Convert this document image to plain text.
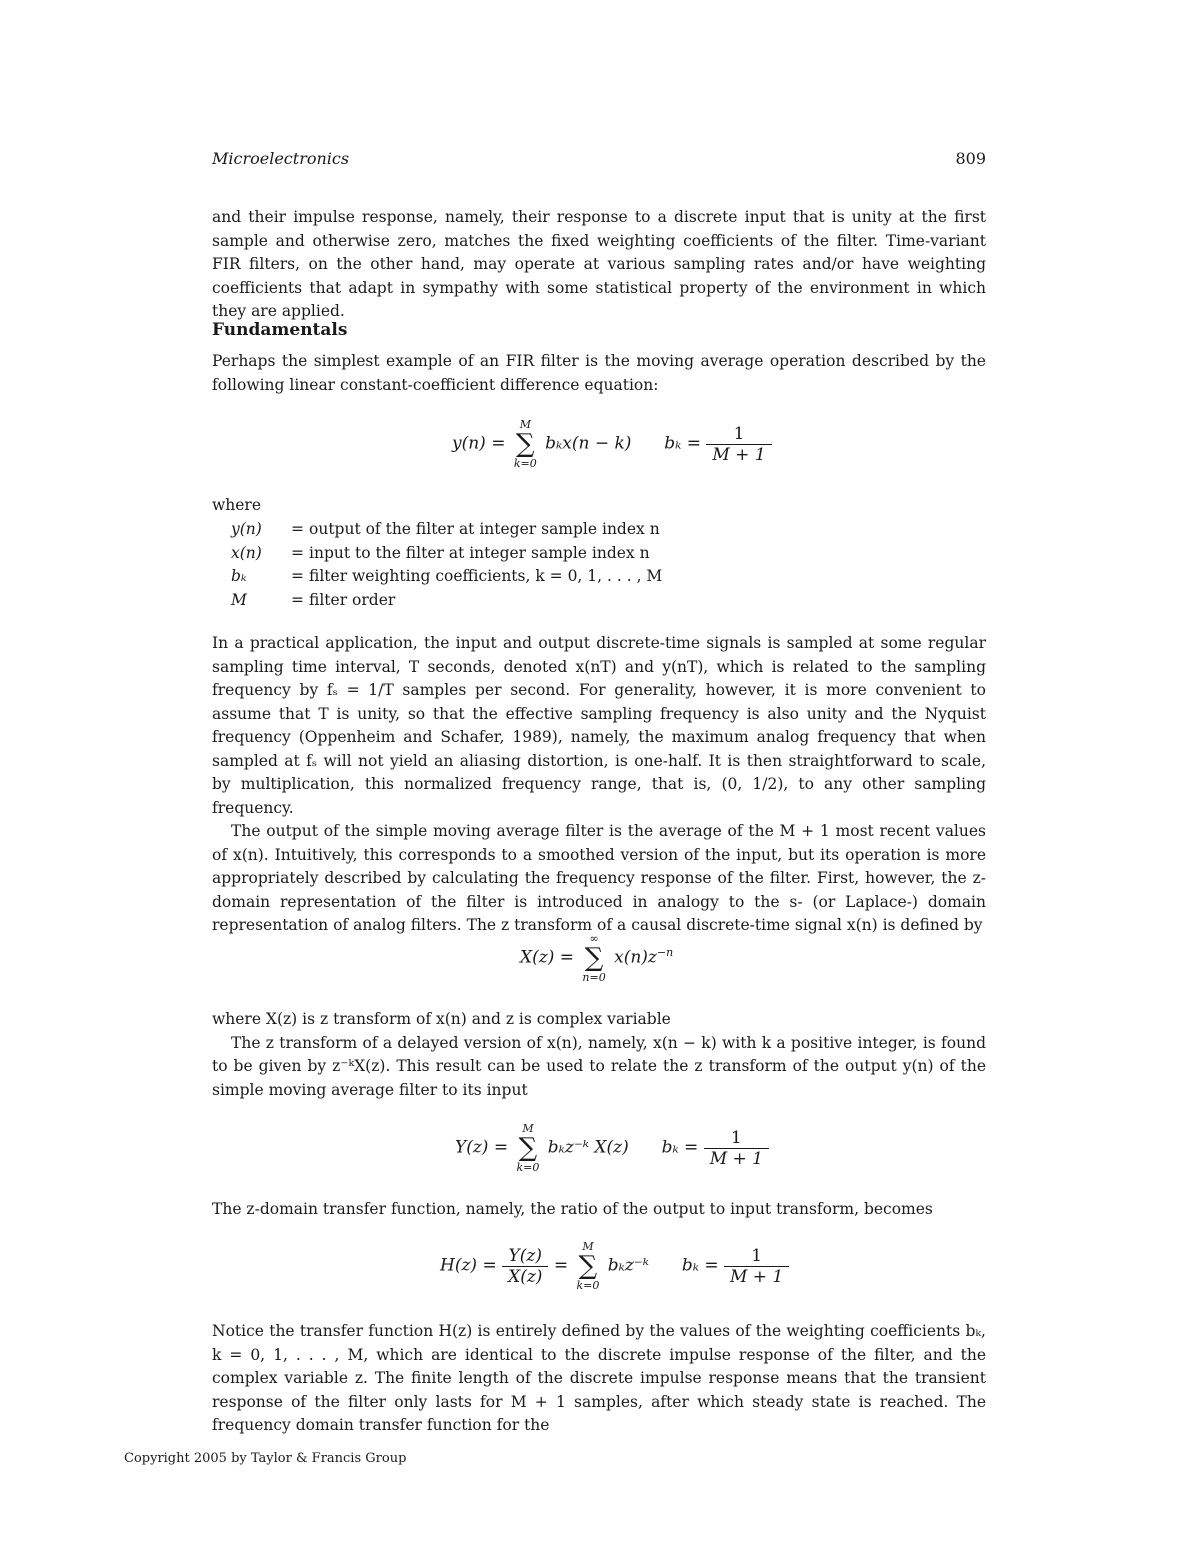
Microelectronics	809

and their impulse response, namely, their response to a discrete input that is unity at the first sample and otherwise zero, matches the fixed weighting coefficients of the filter. Time-variant FIR filters, on the other hand, may operate at various sampling rates and/or have weighting coefficients that adapt in sympathy with some statistical property of the environment in which they are applied.

Fundamentals

Perhaps the simplest example of an FIR filter is the moving average operation described by the following linear constant-coefficient difference equation:

y(n) =
M
∑
k=0
bₖx(n − k) $b_k = \frac{1}{M + 1}$

where

y(n)	= output of the filter at integer sample index n
x(n)	= input to the filter at integer sample index n
bₖ	= filter weighting coefficients, k = 0, 1, . . . , M
M	= filter order

In a practical application, the input and output discrete-time signals is sampled at some regular sampling time interval, T seconds, denoted x(nT) and y(nT), which is related to the sampling frequency by fₛ = 1/T samples per second. For generality, however, it is more convenient to assume that T is unity, so that the effective sampling frequency is also unity and the Nyquist frequency (Oppenheim and Schafer, 1989), namely, the maximum analog frequency that when sampled at fₛ will not yield an aliasing distortion, is one-half. It is then straightforward to scale, by multiplication, this normalized frequency range, that is, (0, 1/2), to any other sampling frequency.

The output of the simple moving average filter is the average of the M + 1 most recent values of x(n). Intuitively, this corresponds to a smoothed version of the input, but its operation is more appropriately described by calculating the frequency response of the filter. First, however, the z-domain representation of the filter is introduced in analogy to the s- (or Laplace-) domain representation of analog filters. The z transform of a causal discrete-time signal x(n) is defined by

X(z) =
∞
∑
n=0
$x(n)z^{-n}$

where X(z) is z transform of x(n) and z is complex variable

The z transform of a delayed version of x(n), namely, x(n − k) with k a positive integer, is found to be given by z⁻ᵏX(z). This result can be used to relate the z transform of the output y(n) of the simple moving average filter to its input

Y(z) =
M
∑
k=0
bₖz⁻ᵏ X(z) $b_k = \frac{1}{M + 1}$

The z-domain transfer function, namely, the ratio of the output to input transform, becomes

$H(z) = \frac{Y(z)}{X(z)}$ =
M
∑
k=0
bₖz⁻ᵏ $b_k = \frac{1}{M + 1}$

Notice the transfer function H(z) is entirely defined by the values of the weighting coefficients bₖ, k = 0, 1, . . . , M, which are identical to the discrete impulse response of the filter, and the complex variable z. The finite length of the discrete impulse response means that the transient response of the filter only lasts for M + 1 samples, after which steady state is reached. The frequency domain transfer function for the

Copyright 2005 by Taylor & Francis Group
